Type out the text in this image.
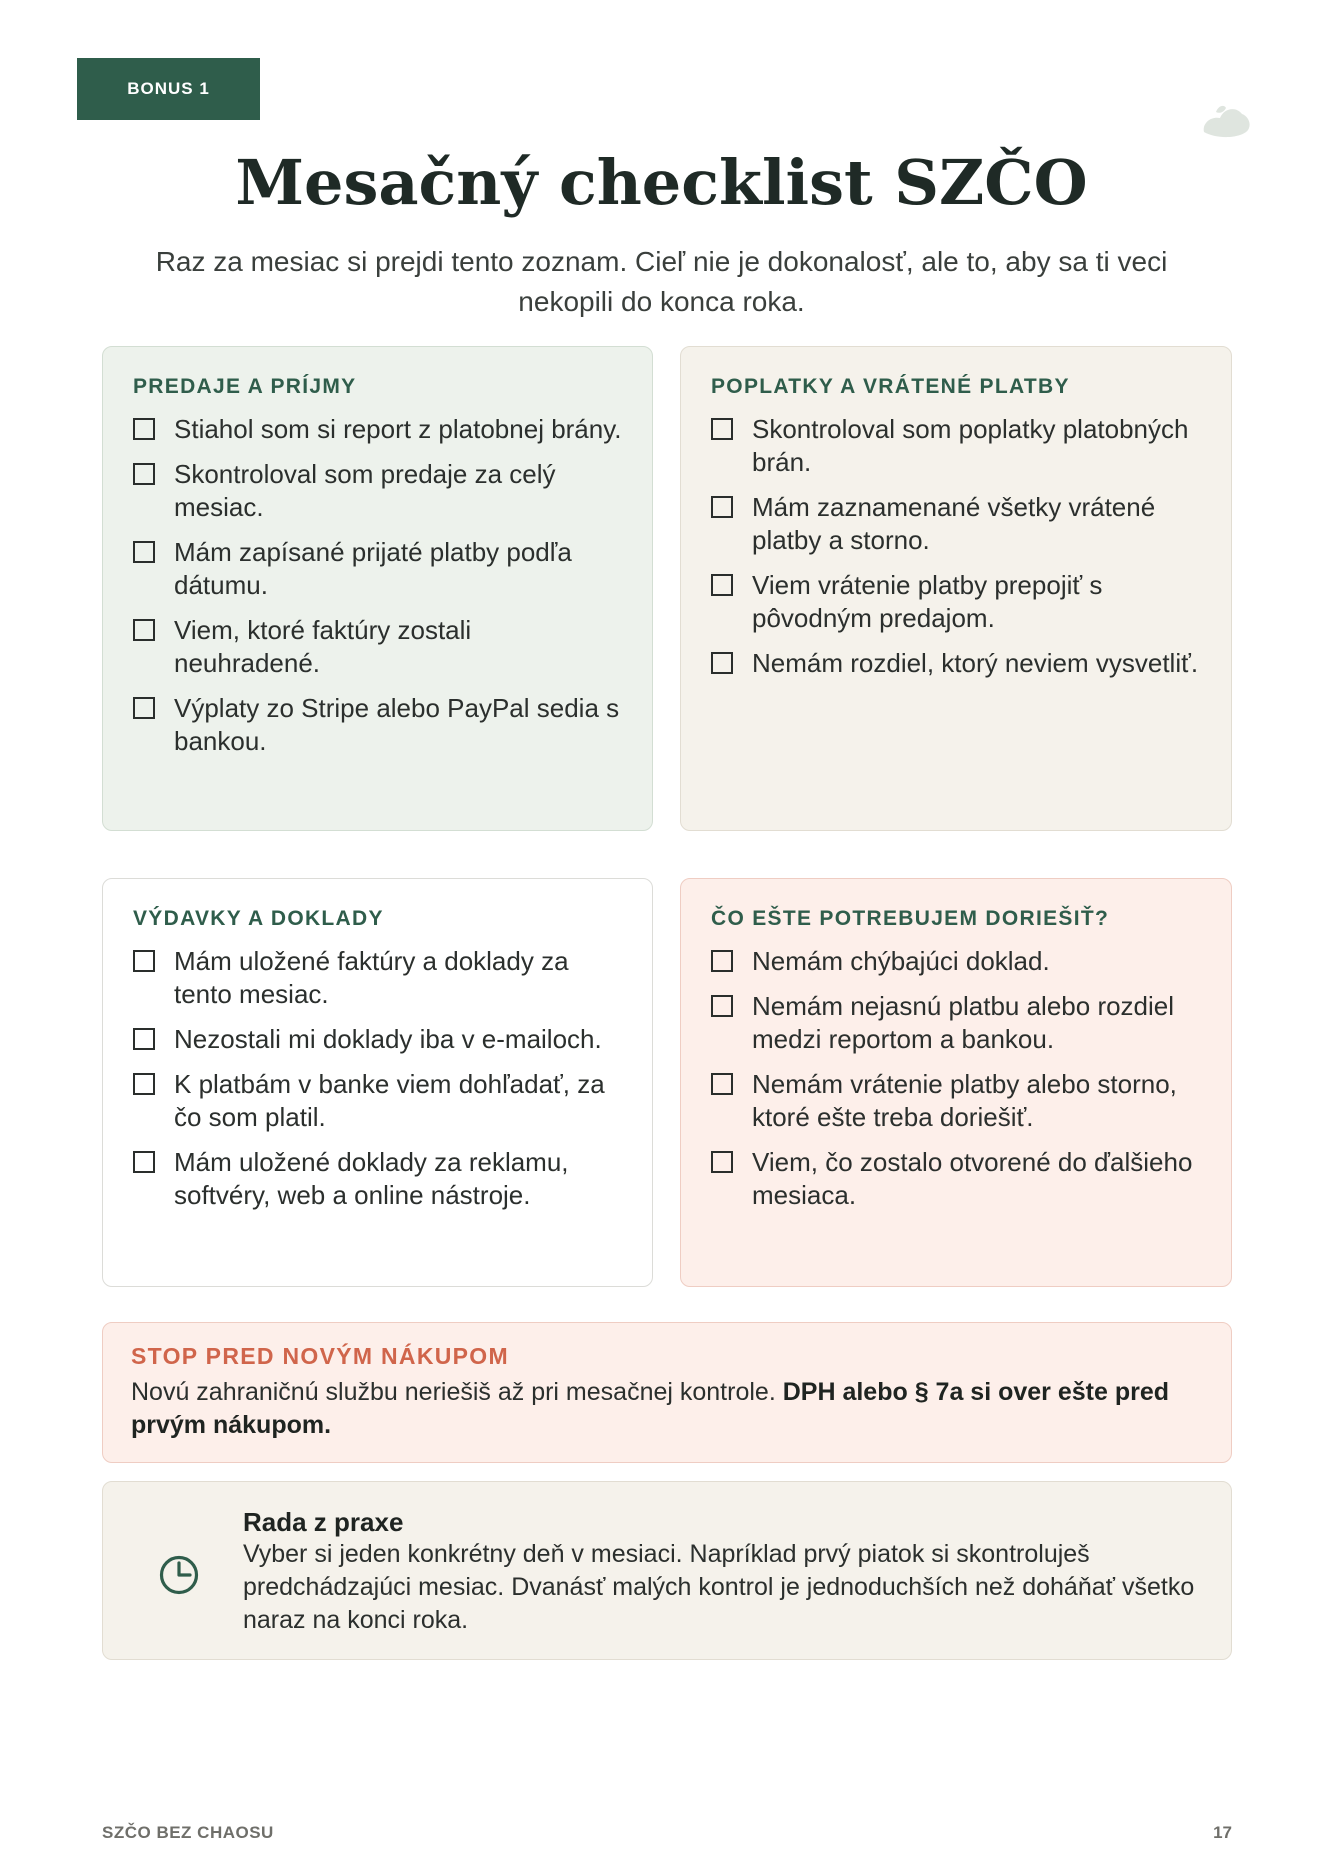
BONUS 1
Mesačný checklist SZČO

Raz za mesiac si prejdi tento zoznam. Cieľ nie je dokonalosť, ale to, aby sa ti veci nekopili do konca roka.

PREDAJE A PRÍJMY
Stiahol som si report z platobnej brány.
Skontroloval som predaje za celý mesiac.
Mám zapísané prijaté platby podľa dátumu.
Viem, ktoré faktúry zostali neuhradené.
Výplaty zo Stripe alebo PayPal sedia s bankou.
POPLATKY A VRÁTENÉ PLATBY
Skontroloval som poplatky platobných brán.
Mám zaznamenané všetky vrátené platby a storno.
Viem vrátenie platby prepojiť s pôvodným predajom.
Nemám rozdiel, ktorý neviem vysvetliť.
VÝDAVKY A DOKLADY
Mám uložené faktúry a doklady za tento mesiac.
Nezostali mi doklady iba v e-mailoch.
K platbám v banke viem dohľadať, za čo som platil.
Mám uložené doklady za reklamu, softvéry, web a online nástroje.
ČO EŠTE POTREBUJEM DORIEŠIŤ?
Nemám chýbajúci doklad.
Nemám nejasnú platbu alebo rozdiel medzi reportom a bankou.
Nemám vrátenie platby alebo storno, ktoré ešte treba doriešiť.
Viem, čo zostalo otvorené do ďalšieho mesiaca.
STOP PRED NOVÝM NÁKUPOM
Novú zahraničnú službu neriešiš až pri mesačnej kontrole. DPH alebo § 7a si over ešte pred prvým nákupom.
Rada z praxe
Vyber si jeden konkrétny deň v mesiaci. Napríklad prvý piatok si skontroluješ predchádzajúci mesiac. Dvanásť malých kontrol je jednoduchších než doháňať všetko naraz na konci roka.
SZČO BEZ CHAOSU	17
